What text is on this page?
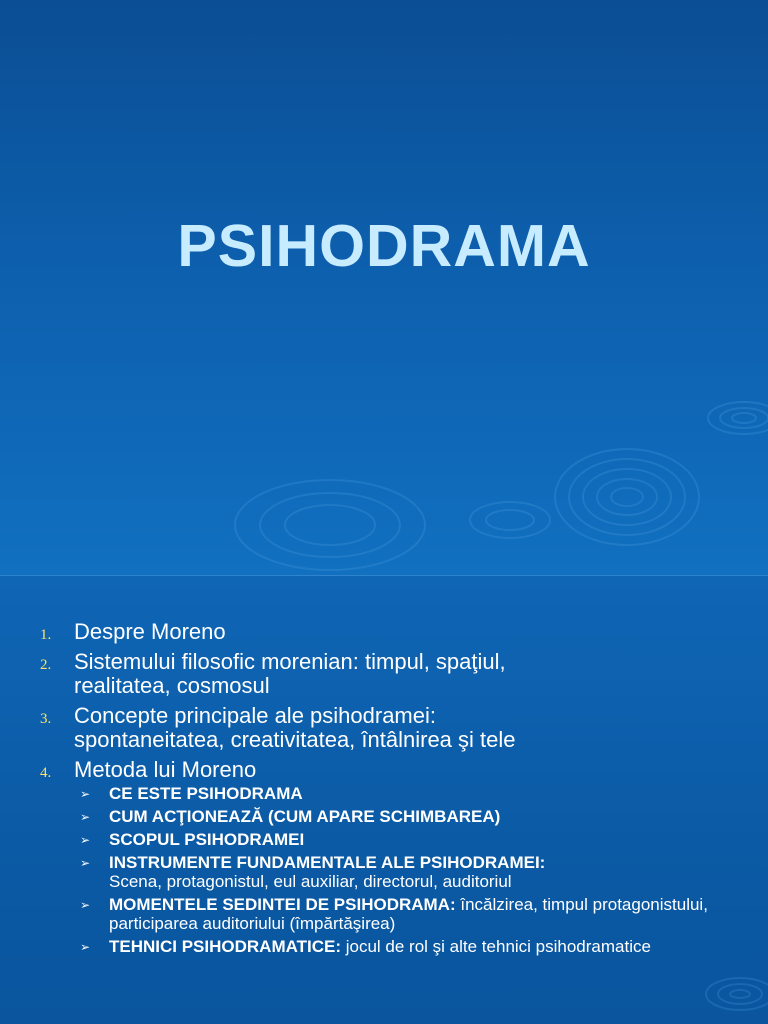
PSIHODRAMA
1.	Despre Moreno
2.	Sistemului filosofic morenian: timpul, spaţiul,
realitatea, cosmosul
3.	Concepte principale ale psihodramei:
spontaneitatea, creativitatea, întâlnirea şi tele
4.	Metoda lui Moreno
➢	CE ESTE PSIHODRAMA
➢	CUM ACŢIONEAZĂ (CUM APARE SCHIMBAREA)
➢	SCOPUL PSIHODRAMEI
➢	INSTRUMENTE FUNDAMENTALE ALE PSIHODRAMEI:
Scena, protagonistul, eul auxiliar, directorul, auditoriul
➢	MOMENTELE SEDINTEI DE PSIHODRAMA: încălzirea, timpul protagonistului, participarea auditoriului (împărtăşirea)
➢	TEHNICI PSIHODRAMATICE: jocul de rol şi alte tehnici psihodramatice
